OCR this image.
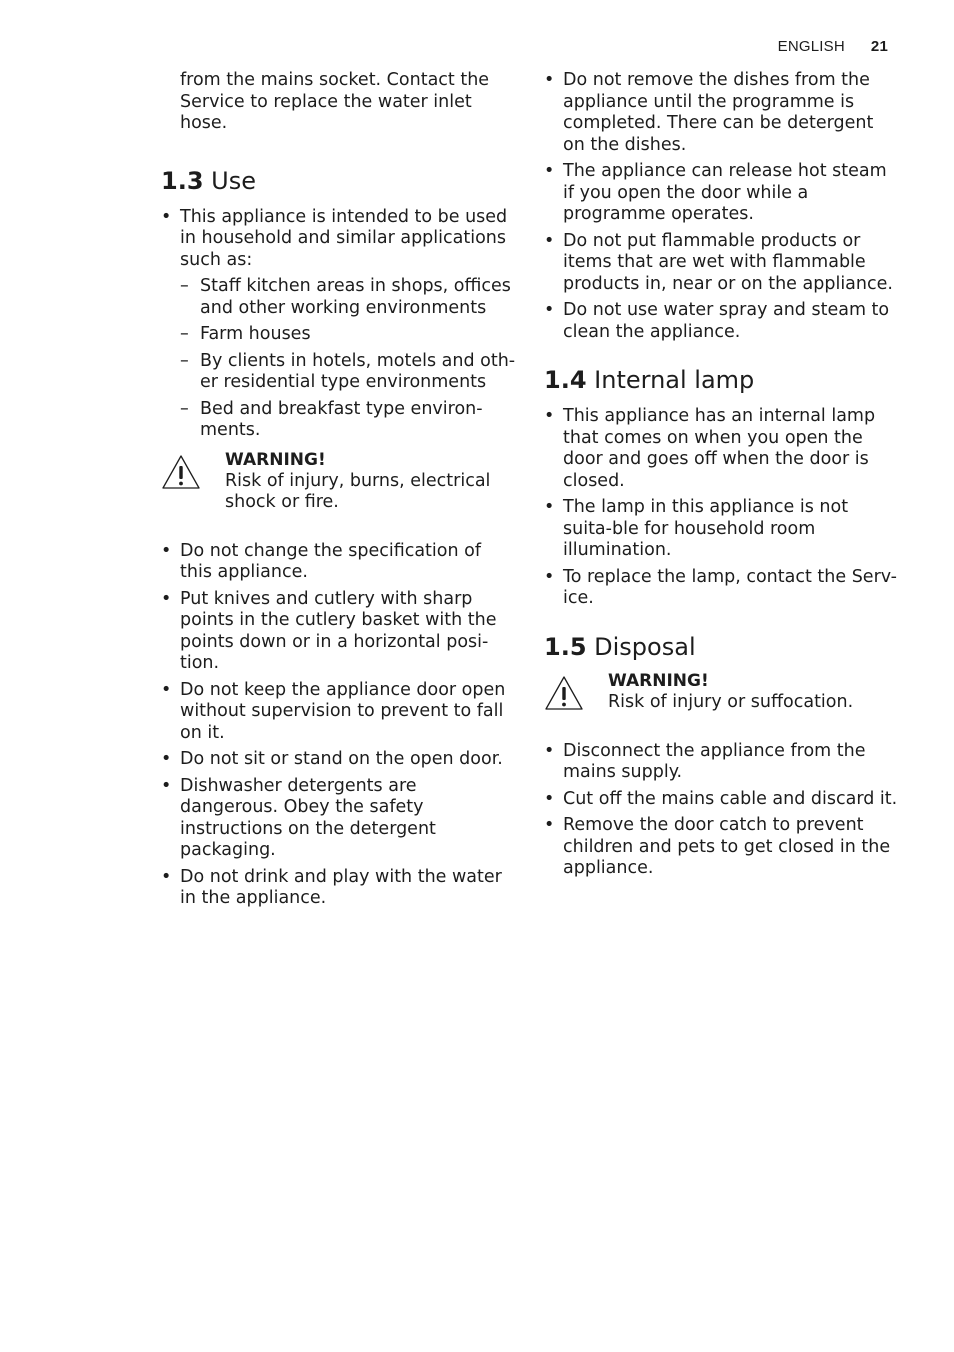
ENGLISH 21

from the mains socket. Contact the Service to replace the water inlet hose.

1.3 Use
• This appliance is intended to be used in household and similar applications such as:
– Staff kitchen areas in shops, offices and other working environments
– Farm houses
– By clients in hotels, motels and oth-er residential type environments
– Bed and breakfast type environ-ments.
WARNING!
Risk of injury, burns, electrical shock or fire.
• Do not change the specification of this appliance.
• Put knives and cutlery with sharp points in the cutlery basket with the points down or in a horizontal posi-tion.
• Do not keep the appliance door open without supervision to prevent to fall on it.
• Do not sit or stand on the open door.
• Dishwasher detergents are dangerous. Obey the safety instructions on the detergent packaging.
• Do not drink and play with the water in the appliance.
• Do not remove the dishes from the appliance until the programme is completed. There can be detergent on the dishes.
• The appliance can release hot steam if you open the door while a programme operates.
• Do not put flammable products or items that are wet with flammable products in, near or on the appliance.
• Do not use water spray and steam to clean the appliance.
1.4 Internal lamp
• This appliance has an internal lamp that comes on when you open the door and goes off when the door is closed.
• The lamp in this appliance is not suita-ble for household room illumination.
• To replace the lamp, contact the Serv-ice.
1.5 Disposal
WARNING!
Risk of injury or suffocation.
• Disconnect the appliance from the mains supply.
• Cut off the mains cable and discard it.
• Remove the door catch to prevent children and pets to get closed in the appliance.
